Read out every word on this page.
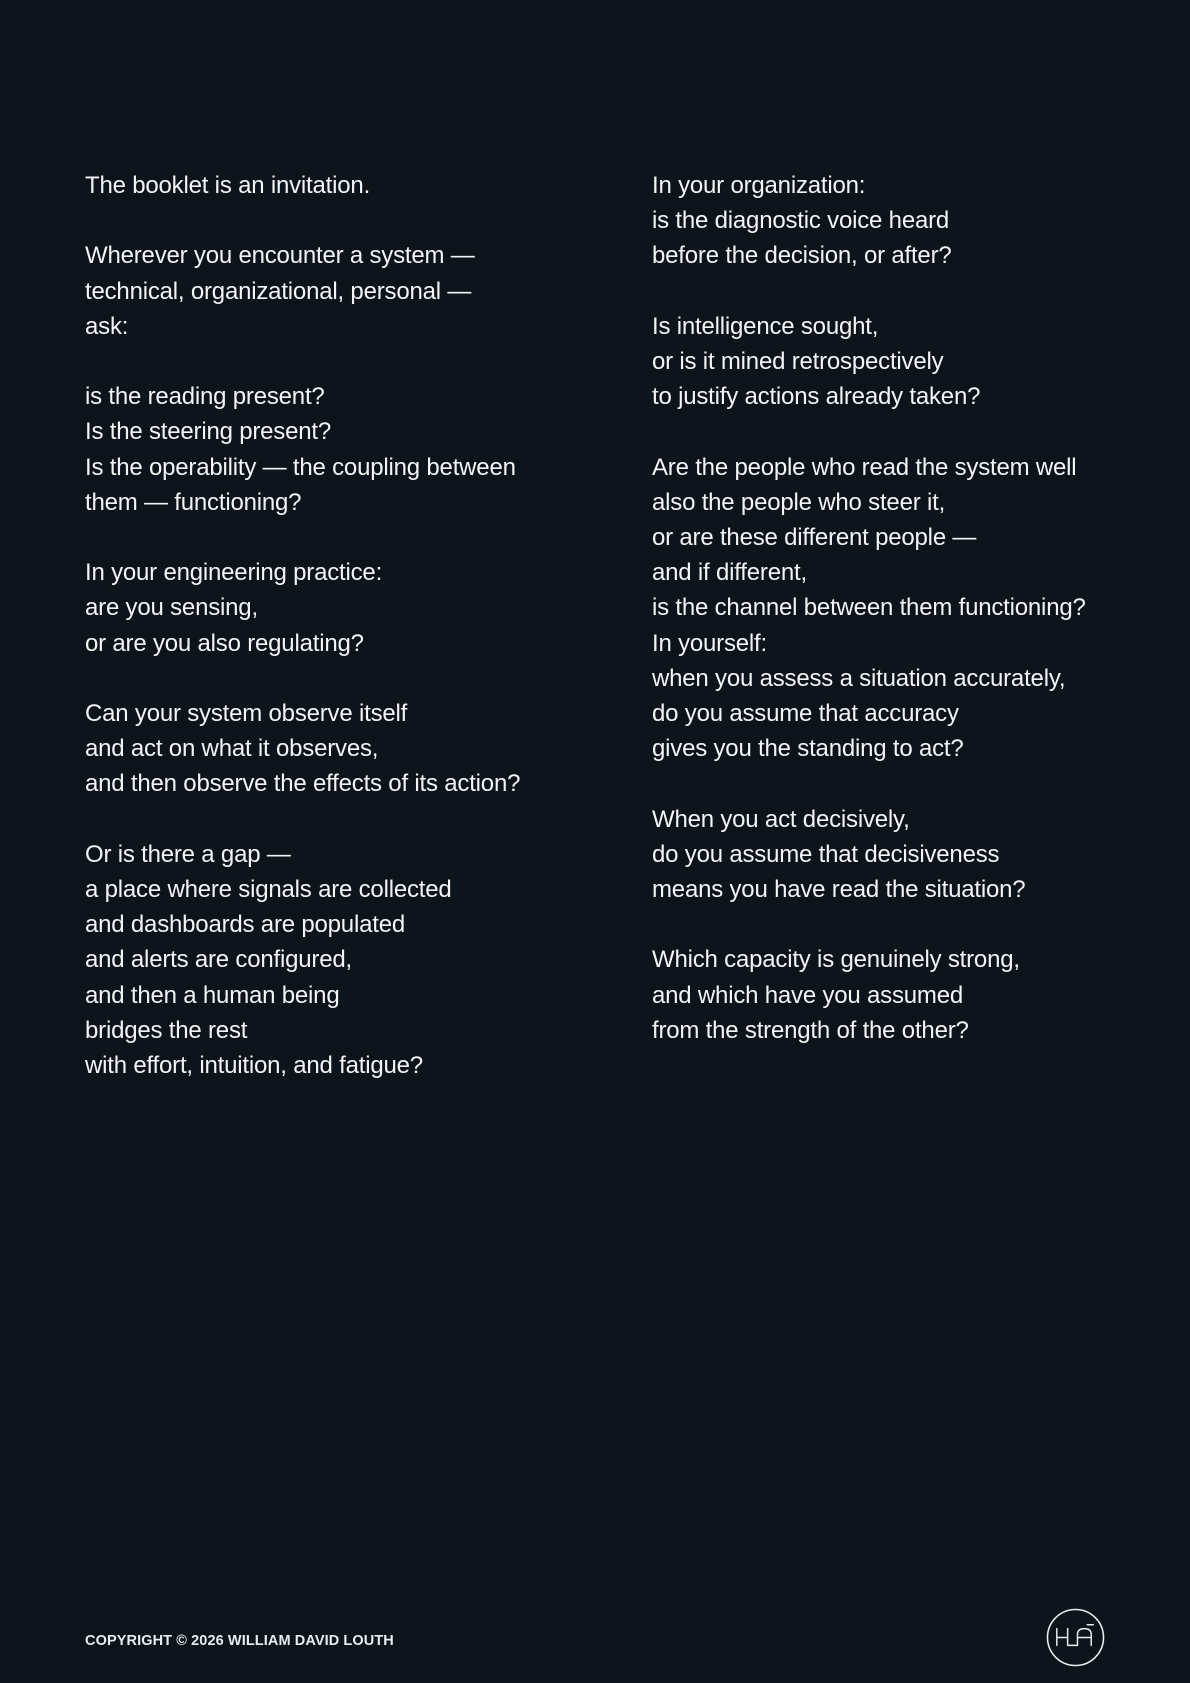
The booklet is an invitation.
Wherever you encounter a system —
technical, organizational, personal —
ask:
is the reading present?
Is the steering present?
Is the operability — the coupling between
them — functioning?
In your engineering practice:
are you sensing,
or are you also regulating?
Can your system observe itself
and act on what it observes,
and then observe the effects of its action?
Or is there a gap —
a place where signals are collected
and dashboards are populated
and alerts are configured,
and then a human being
bridges the rest
with effort, intuition, and fatigue?
In your organization:
is the diagnostic voice heard
before the decision, or after?
Is intelligence sought,
or is it mined retrospectively
to justify actions already taken?
Are the people who read the system well
also the people who steer it,
or are these different people —
and if different,
is the channel between them functioning?
In yourself:
when you assess a situation accurately,
do you assume that accuracy
gives you the standing to act?
When you act decisively,
do you assume that decisiveness
means you have read the situation?
Which capacity is genuinely strong,
and which have you assumed
from the strength of the other?
COPYRIGHT © 2026 WILLIAM DAVID LOUTH
